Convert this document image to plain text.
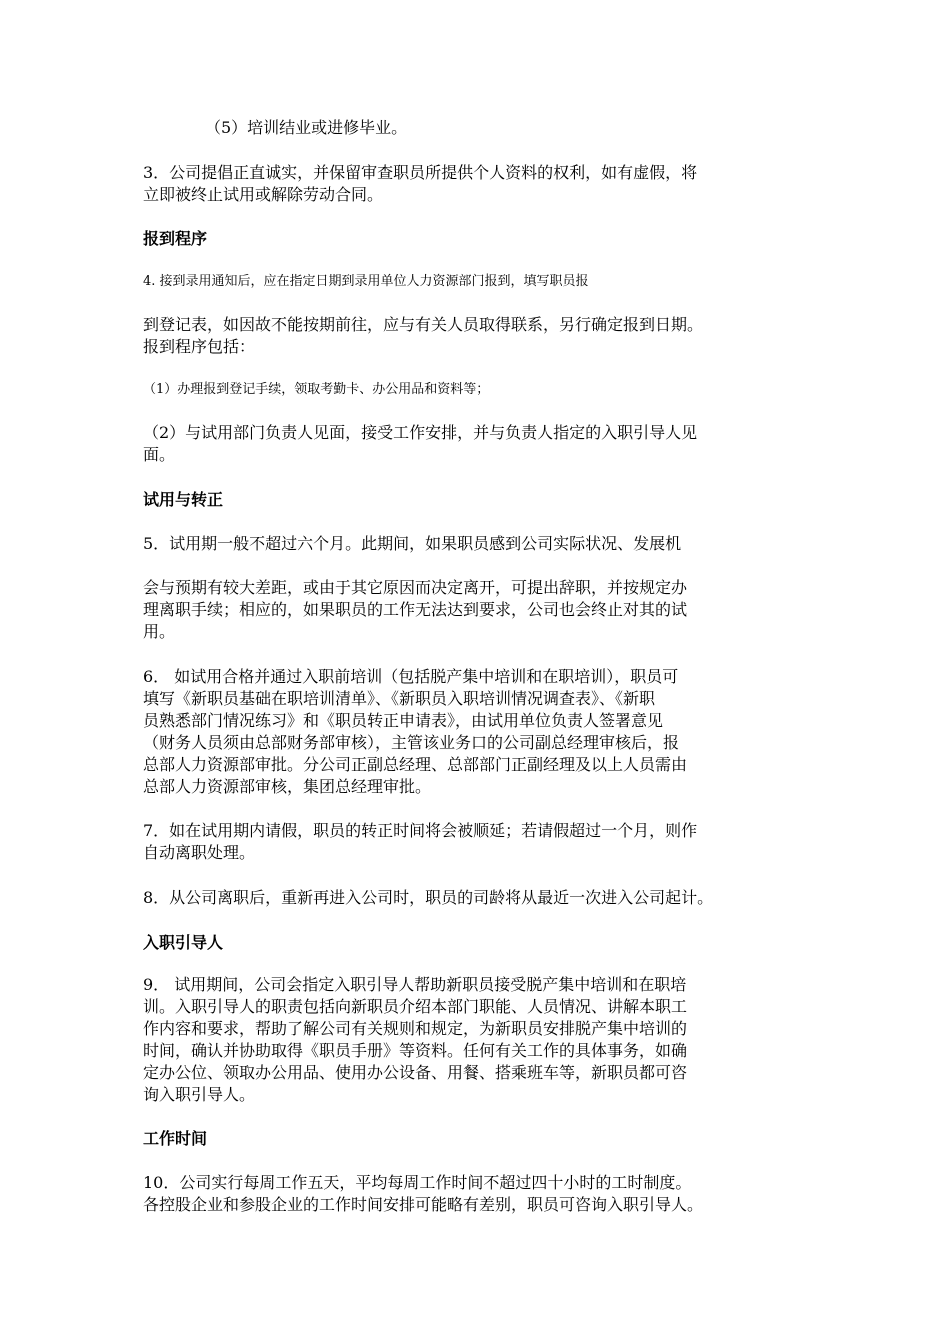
（5）培训结业或进修毕业。
3．公司提倡正直诚实，并保留审查职员所提供个人资料的权利，如有虚假，将
立即被终止试用或解除劳动合同。
报到程序
4. 接到录用通知后，应在指定日期到录用单位人力资源部门报到，填写职员报
到登记表，如因故不能按期前往，应与有关人员取得联系，另行确定报到日期。
报到程序包括：
（1）办理报到登记手续，领取考勤卡、办公用品和资料等；
（2）与试用部门负责人见面，接受工作安排，并与负责人指定的入职引导人见
面。
试用与转正
5．试用期一般不超过六个月。此期间，如果职员感到公司实际状况、发展机
会与预期有较大差距，或由于其它原因而决定离开，可提出辞职，并按规定办
理离职手续；相应的，如果职员的工作无法达到要求，公司也会终止对其的试
用。
6． 如试用合格并通过入职前培训（包括脱产集中培训和在职培训），职员可
填写《新职员基础在职培训清单》、《新职员入职培训情况调查表》、《新职
员熟悉部门情况练习》和《职员转正申请表》，由试用单位负责人签署意见
（财务人员须由总部财务部审核），主管该业务口的公司副总经理审核后，报
总部人力资源部审批。分公司正副总经理、总部部门正副经理及以上人员需由
总部人力资源部审核，集团总经理审批。
7．如在试用期内请假，职员的转正时间将会被顺延；若请假超过一个月，则作
自动离职处理。
8．从公司离职后，重新再进入公司时，职员的司龄将从最近一次进入公司起计。
入职引导人
9． 试用期间，公司会指定入职引导人帮助新职员接受脱产集中培训和在职培
训。入职引导人的职责包括向新职员介绍本部门职能、人员情况、讲解本职工
作内容和要求，帮助了解公司有关规则和规定，为新职员安排脱产集中培训的
时间，确认并协助取得《职员手册》等资料。任何有关工作的具体事务，如确
定办公位、领取办公用品、使用办公设备、用餐、搭乘班车等，新职员都可咨
询入职引导人。
工作时间
10．公司实行每周工作五天，平均每周工作时间不超过四十小时的工时制度。
各控股企业和参股企业的工作时间安排可能略有差别，职员可咨询入职引导人。
